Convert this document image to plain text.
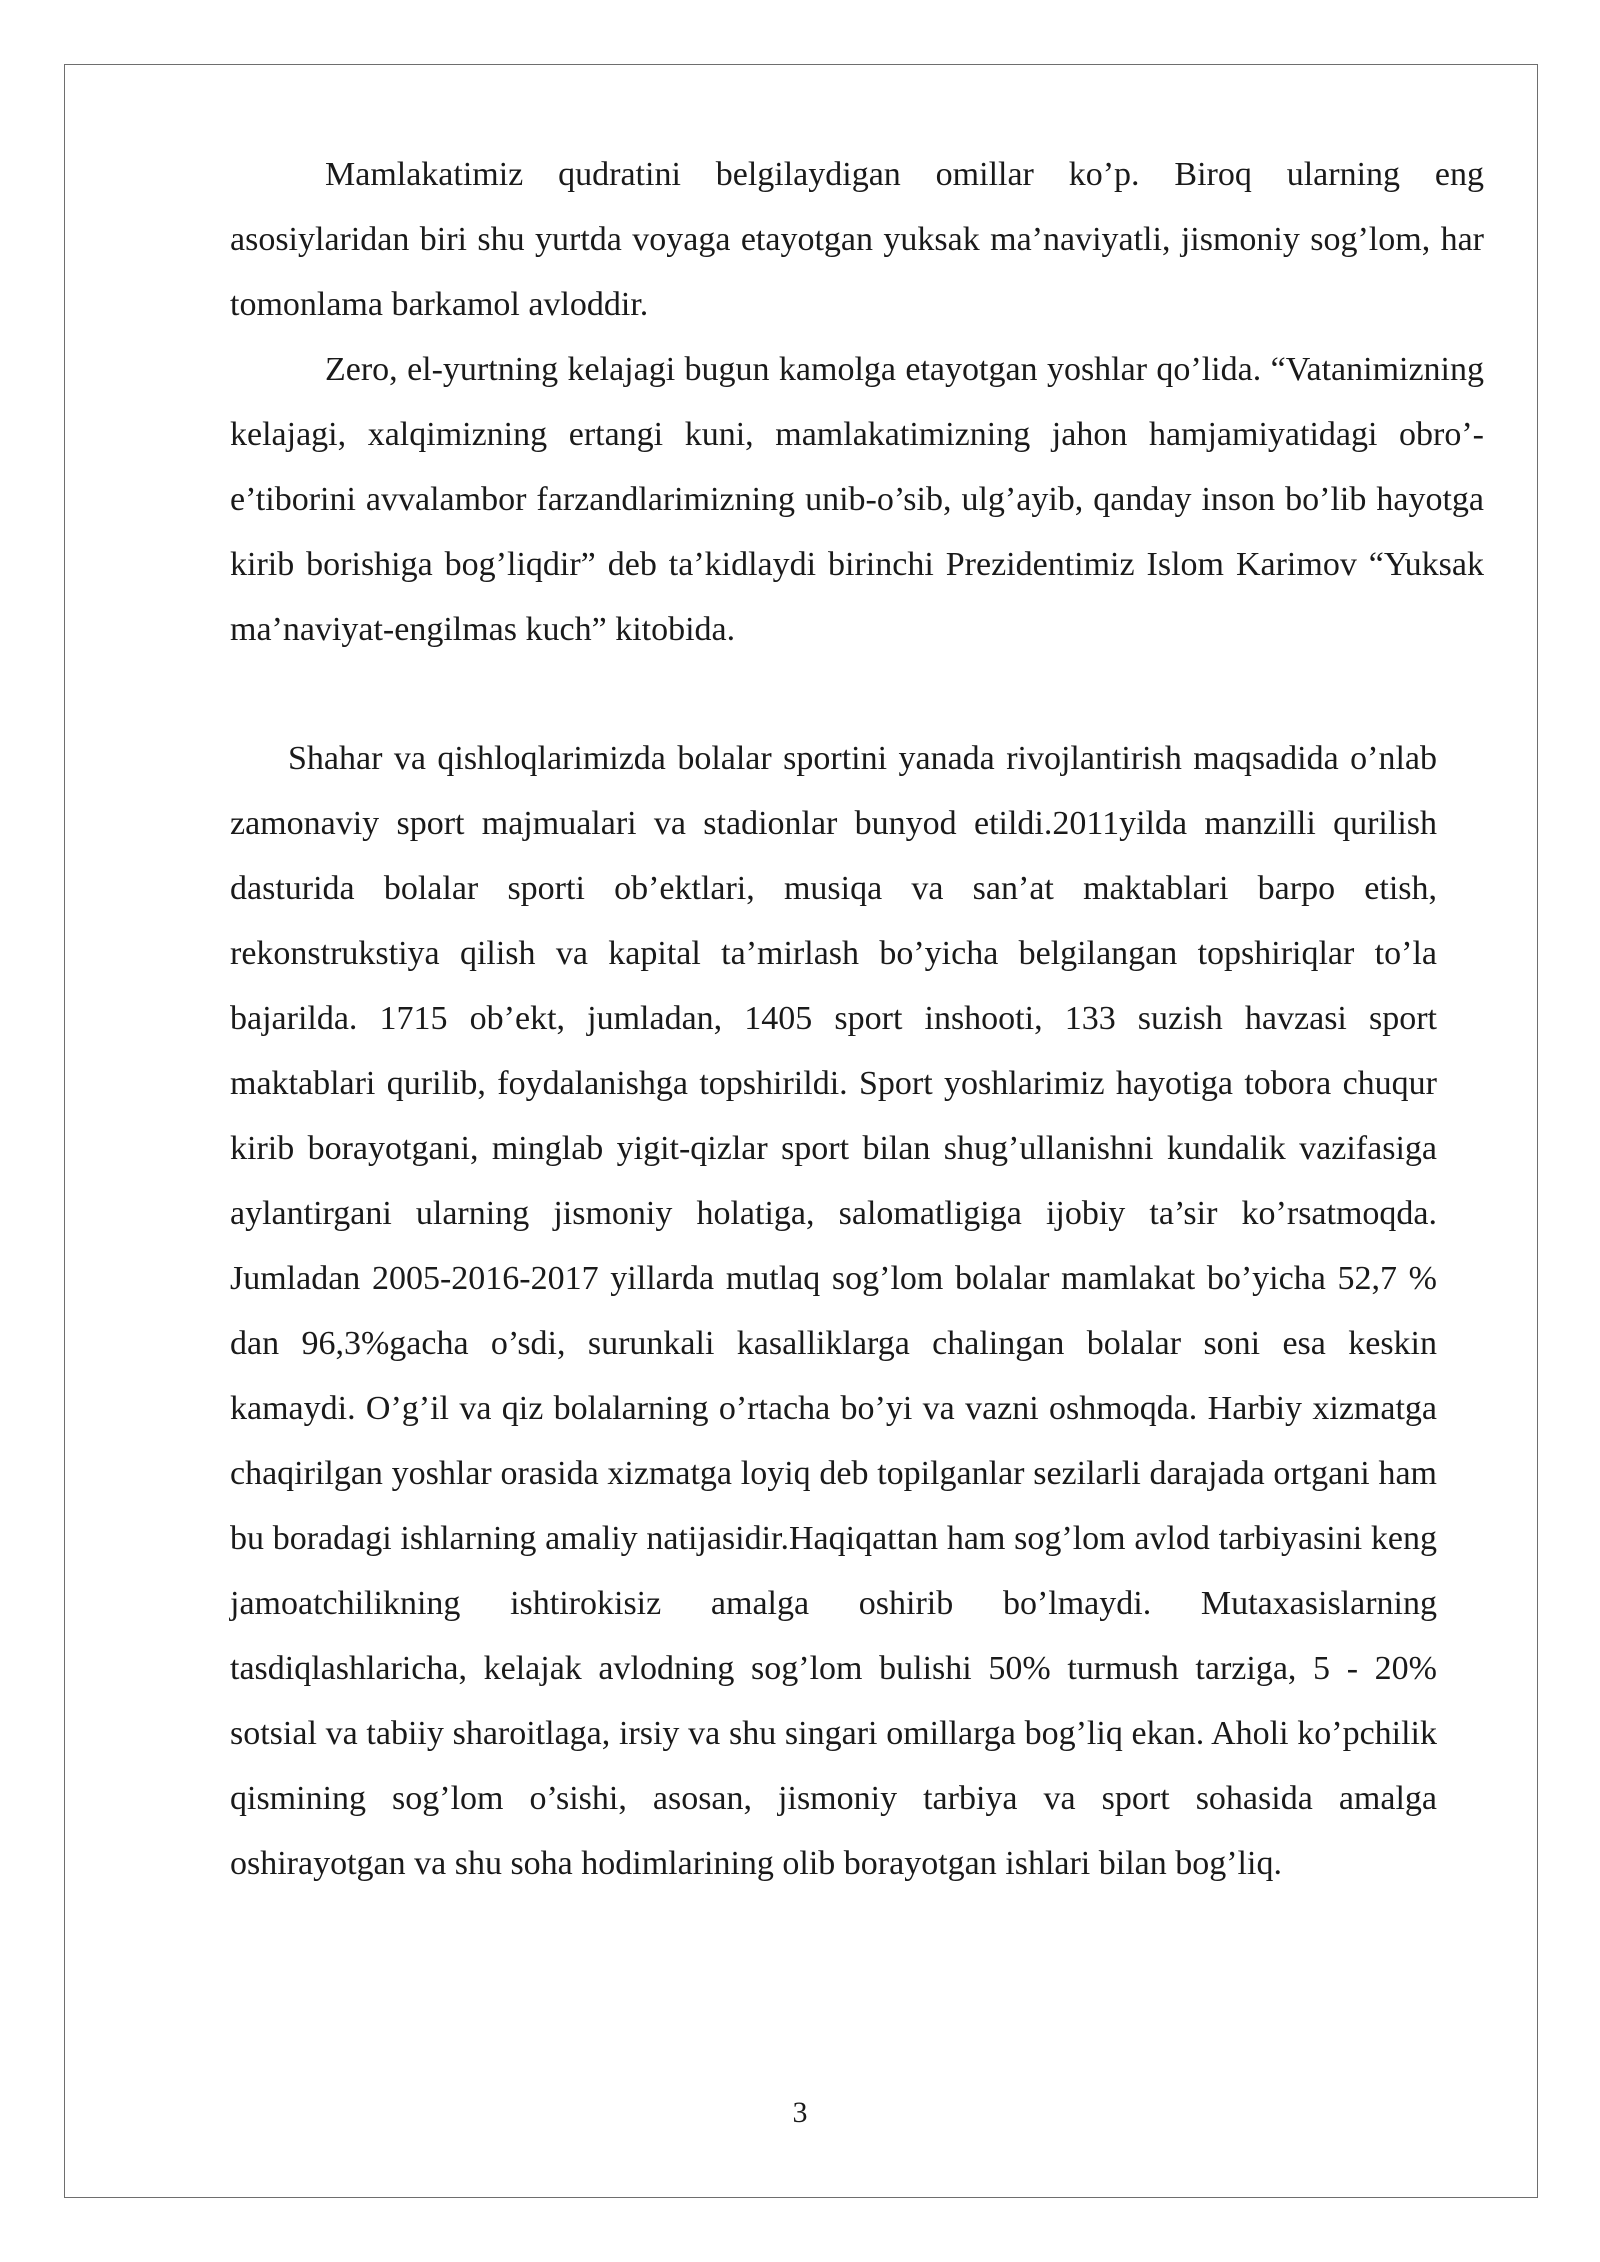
Mamlakatimiz qudratini belgilaydigan omillar ko’p. Biroq ularning eng asosiylaridan biri shu yurtda voyaga etayotgan yuksak ma’naviyatli, jismoniy sog’lom, har tomonlama barkamol avloddir.

Zero, el-yurtning kelajagi bugun kamolga etayotgan yoshlar qo’lida. “Vatanimizning kelajagi, xalqimizning ertangi kuni, mamlakatimizning jahon hamjamiyatidagi obro’-e’tiborini avvalambor farzandlarimizning unib-o’sib, ulg’ayib, qanday inson bo’lib hayotga kirib borishiga bog’liqdir” deb ta’kidlaydi birinchi Prezidentimiz Islom Karimov “Yuksak ma’naviyat-engilmas kuch” kitobida.

Shahar va qishloqlarimizda bolalar sportini yanada rivojlantirish maqsadida o’nlab zamonaviy sport majmualari va stadionlar bunyod etildi.2011yilda manzilli qurilish dasturida bolalar sporti ob’ektlari, musiqa va san’at maktablari barpo etish, rekonstrukstiya qilish va kapital ta’mirlash bo’yicha belgilangan topshiriqlar to’la bajarilda. 1715 ob’ekt, jumladan, 1405 sport inshooti, 133 suzish havzasi sport maktablari qurilib, foydalanishga topshirildi. Sport yoshlarimiz hayotiga tobora chuqur kirib borayotgani, minglab yigit-qizlar sport bilan shug’ullanishni kundalik vazifasiga aylantirgani ularning jismoniy holatiga, salomatligiga ijobiy ta’sir ko’rsatmoqda. Jumladan 2005-2016-2017 yillarda mutlaq sog’lom bolalar mamlakat bo’yicha 52,7 % dan 96,3%gacha o’sdi, surunkali kasalliklarga chalingan bolalar soni esa keskin kamaydi. O’g’il va qiz bolalarning o’rtacha bo’yi va vazni oshmoqda. Harbiy xizmatga chaqirilgan yoshlar orasida xizmatga loyiq deb topilganlar sezilarli darajada ortgani ham bu boradagi ishlarning amaliy natijasidir.Haqiqattan ham sog’lom avlod tarbiyasini keng jamoatchilikning ishtirokisiz amalga oshirib bo’lmaydi. Mutaxasislarning tasdiqlashlaricha, kelajak avlodning sog’lom bulishi 50% turmush tarziga, 5 - 20% sotsial va tabiiy sharoitlaga, irsiy va shu singari omillarga bog’liq ekan. Aholi ko’pchilik qismining sog’lom o’sishi, asosan, jismoniy tarbiya va sport sohasida amalga oshirayotgan va shu soha hodimlarining olib borayotgan ishlari bilan bog’liq.

3
